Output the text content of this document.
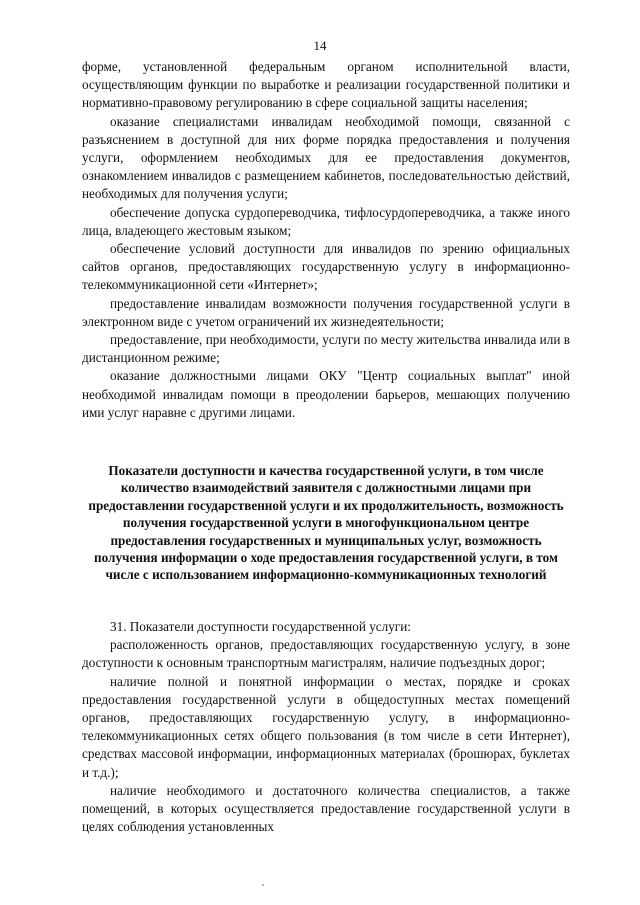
14

форме, установленной федеральным органом исполнительной власти, осуществляющим функции по выработке и реализации государственной политики и нормативно-правовому регулированию в сфере социальной защиты населения;

оказание специалистами инвалидам необходимой помощи, связанной с разъяснением в доступной для них форме порядка предоставления и получения услуги, оформлением необходимых для ее предоставления документов, ознакомлением инвалидов с размещением кабинетов, последовательностью действий, необходимых для получения услуги;

обеспечение допуска сурдопереводчика, тифлосурдопереводчика, а также иного лица, владеющего жестовым языком;

обеспечение условий доступности для инвалидов по зрению официальных сайтов органов, предоставляющих государственную услугу в информационно-телекоммуникационной сети «Интернет»;

предоставление инвалидам возможности получения государственной услуги в электронном виде с учетом ограничений их жизнедеятельности;

предоставление, при необходимости, услуги по месту жительства инвалида или в дистанционном режиме;

оказание должностными лицами ОКУ "Центр социальных выплат" иной необходимой инвалидам помощи в преодолении барьеров, мешающих получению ими услуг наравне с другими лицами.

Показатели доступности и качества государственной услуги, в том числе количество взаимодействий заявителя с должностными лицами при предоставлении государственной услуги и их продолжительность, возможность получения государственной услуги в многофункциональном центре предоставления государственных и муниципальных услуг, возможность получения информации о ходе предоставления государственной услуги, в том числе с использованием информационно-коммуникационных технологий

31. Показатели доступности государственной услуги:

расположенность органов, предоставляющих государственную услугу, в зоне доступности к основным транспортным магистралям, наличие подъездных дорог;

наличие полной и понятной информации о местах, порядке и сроках предоставления государственной услуги в общедоступных местах помещений органов, предоставляющих государственную услугу, в информационно-телекоммуникационных сетях общего пользования (в том числе в сети Интернет), средствах массовой информации, информационных материалах (брошюрах, буклетах и т.д.);

наличие необходимого и достаточного количества специалистов, а также помещений, в которых осуществляется предоставление государственной услуги в целях соблюдения установленных
